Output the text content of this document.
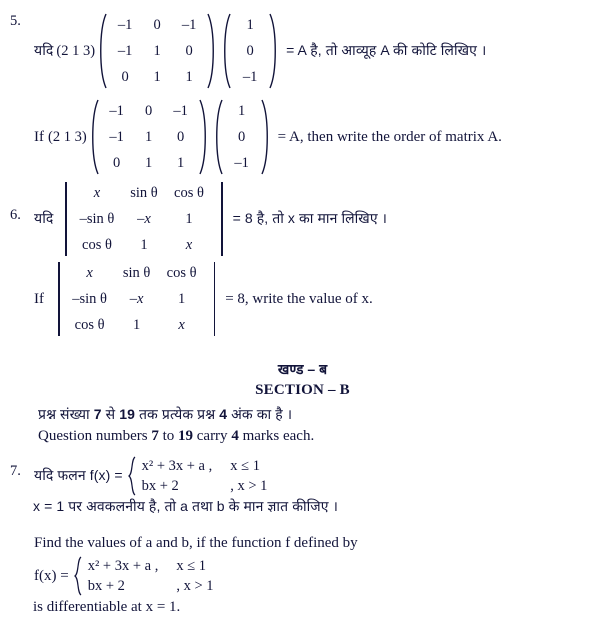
5.
यदि (2 1 3)
–1 0 –1
–1 1 0
0 1 1
1
0
–1
= A है, तो आव्यूह A की कोटि लिखिए ।
If (2 1 3)
–1 0 –1
–1 1 0
0 1 1
1
0
–1
= A, then write the order of matrix A.
6. यदि
x sin θ cos θ
–sin θ –x 1
cos θ 1	x
= 8 है, तो x का मान लिखिए ।
If
x sin θ cos θ
–sin θ –x 1
cos θ 1	x
= 8, write the value of x.
खण्ड – ब
SECTION – B
प्रश्न संख्या 7 से 19 तक प्रत्येक प्रश्न 4 अंक का है ।
Question numbers 7 to 19 carry 4 marks each.
7. यदि फलन f(x) =
x² + 3x + a ,	x ≤ 1
bx + 2	, x > 1
x = 1 पर अवकलनीय है, तो a तथा b के मान ज्ञात कीजिए ।
Find the values of a and b, if the function f defined by
f(x) =
x² + 3x + a ,	x ≤ 1
bx + 2	, x > 1
is differentiable at x = 1.
